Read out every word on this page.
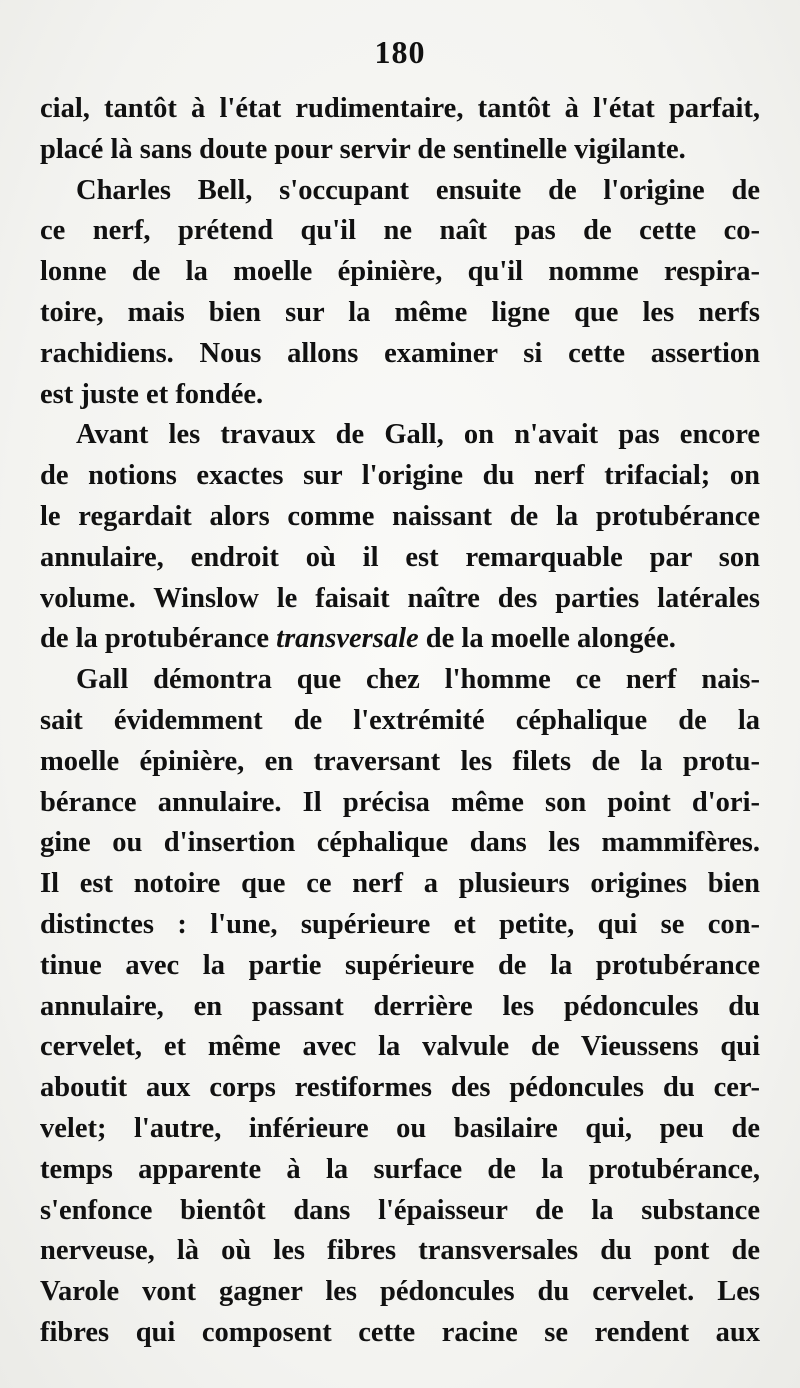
180
cial, tantôt à l'état rudimentaire, tantôt à l'état parfait,
placé là sans doute pour servir de sentinelle vigilante.
Charles Bell, s'occupant ensuite de l'origine de
ce nerf, prétend qu'il ne naît pas de cette co-
lonne de la moelle épinière, qu'il nomme respira-
toire, mais bien sur la même ligne que les nerfs
rachidiens. Nous allons examiner si cette assertion
est juste et fondée.
Avant les travaux de Gall, on n'avait pas encore
de notions exactes sur l'origine du nerf trifacial; on
le regardait alors comme naissant de la protubérance
annulaire, endroit où il est remarquable par son
volume. Winslow le faisait naître des parties latérales
de la protubérance transversale de la moelle alongée.
Gall démontra que chez l'homme ce nerf nais-
sait évidemment de l'extrémité céphalique de la
moelle épinière, en traversant les filets de la protu-
bérance annulaire. Il précisa même son point d'ori-
gine ou d'insertion céphalique dans les mammifères.
Il est notoire que ce nerf a plusieurs origines bien
distinctes : l'une, supérieure et petite, qui se con-
tinue avec la partie supérieure de la protubérance
annulaire, en passant derrière les pédoncules du
cervelet, et même avec la valvule de Vieussens qui
aboutit aux corps restiformes des pédoncules du cer-
velet; l'autre, inférieure ou basilaire qui, peu de
temps apparente à la surface de la protubérance,
s'enfonce bientôt dans l'épaisseur de la substance
nerveuse, là où les fibres transversales du pont de
Varole vont gagner les pédoncules du cervelet. Les
fibres qui composent cette racine se rendent aux
